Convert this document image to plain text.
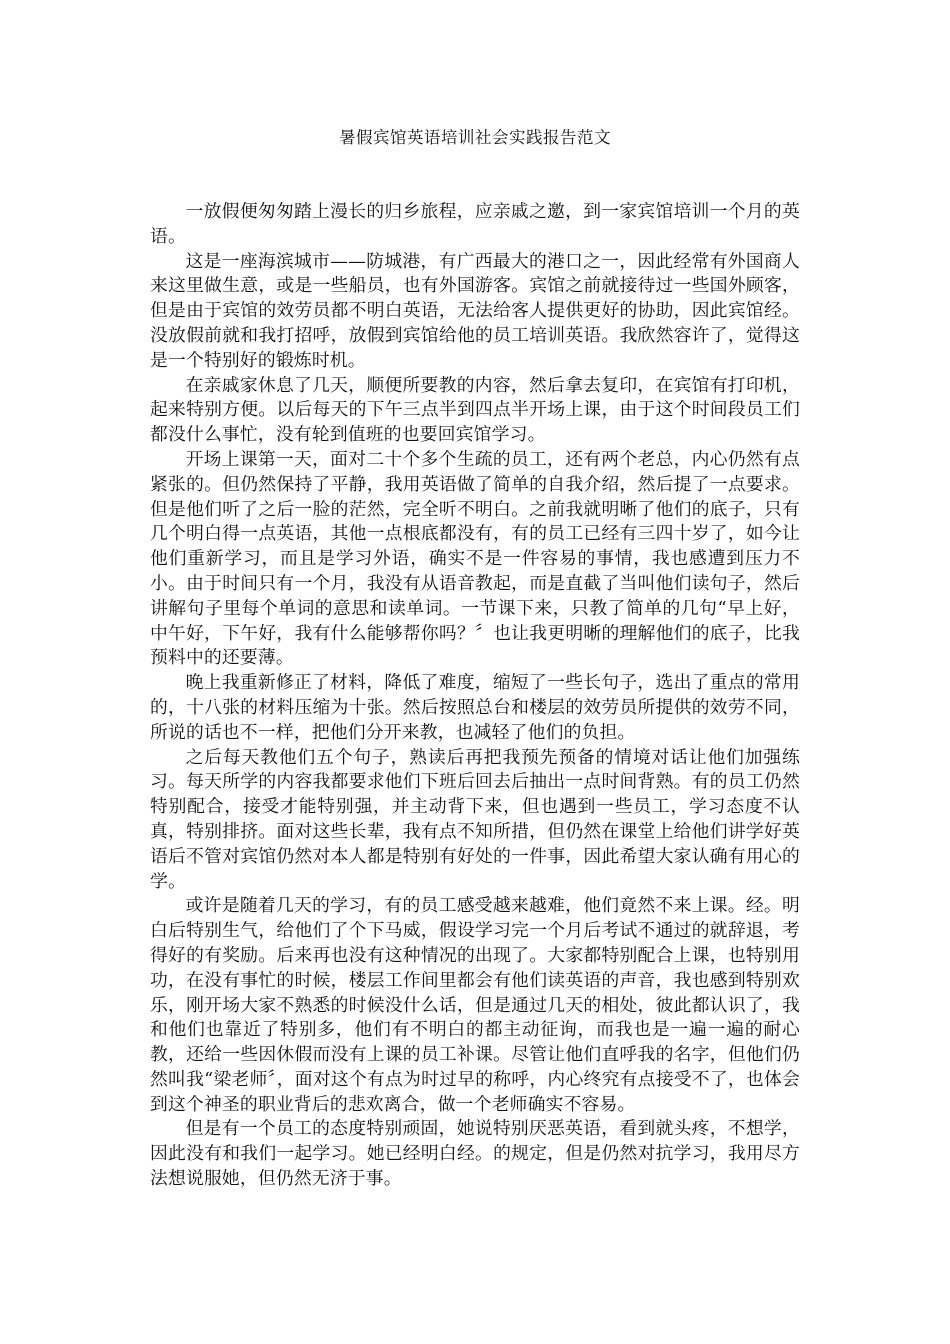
暑假宾馆英语培训社会实践报告范文

一放假便匆匆踏上漫长的归乡旅程，应亲戚之邀，到一家宾馆培训一个月的英语。

这是一座海滨城市——防城港，有广西最大的港口之一，因此经常有外国商人来这里做生意，或是一些船员，也有外国游客。宾馆之前就接待过一些国外顾客，但是由于宾馆的效劳员都不明白英语，无法给客人提供更好的协助，因此宾馆经。没放假前就和我打招呼，放假到宾馆给他的员工培训英语。我欣然容许了，觉得这是一个特别好的锻炼时机。

在亲戚家休息了几天，顺便所要教的内容，然后拿去复印，在宾馆有打印机，起来特别方便。以后每天的下午三点半到四点半开场上课，由于这个时间段员工们都没什么事忙，没有轮到值班的也要回宾馆学习。

开场上课第一天，面对二十个多个生疏的员工，还有两个老总，内心仍然有点紧张的。但仍然保持了平静，我用英语做了简单的自我介绍，然后提了一点要求。但是他们听了之后一脸的茫然，完全听不明白。之前我就明晰了他们的底子，只有几个明白得一点英语，其他一点根底都没有，有的员工已经有三四十岁了，如今让他们重新学习，而且是学习外语，确实不是一件容易的事情，我也感遭到压力不小。由于时间只有一个月，我没有从语音教起，而是直截了当叫他们读句子，然后讲解句子里每个单词的意思和读单词。一节课下来，只教了简单的几句“早上好，中午好，下午好，我有什么能够帮你吗？〞也让我更明晰的理解他们的底子，比我预料中的还要薄。

晚上我重新修正了材料，降低了难度，缩短了一些长句子，选出了重点的常用的，十八张的材料压缩为十张。然后按照总台和楼层的效劳员所提供的效劳不同，所说的话也不一样，把他们分开来教，也减轻了他们的负担。

之后每天教他们五个句子，熟读后再把我预先预备的情境对话让他们加强练习。每天所学的内容我都要求他们下班后回去后抽出一点时间背熟。有的员工仍然特别配合，接受才能特别强，并主动背下来，但也遇到一些员工，学习态度不认真，特别排挤。面对这些长辈，我有点不知所措，但仍然在课堂上给他们讲学好英语后不管对宾馆仍然对本人都是特别有好处的一件事，因此希望大家认确有用心的学。

或许是随着几天的学习，有的员工感受越来越难，他们竟然不来上课。经。明白后特别生气，给他们了个下马威，假设学习完一个月后考试不通过的就辞退，考得好的有奖励。后来再也没有这种情况的出现了。大家都特别配合上课，也特别用功，在没有事忙的时候，楼层工作间里都会有他们读英语的声音，我也感到特别欢乐，刚开场大家不熟悉的时候没什么话，但是通过几天的相处，彼此都认识了，我和他们也靠近了特别多，他们有不明白的都主动征询，而我也是一遍一遍的耐心教，还给一些因休假而没有上课的员工补课。尽管让他们直呼我的名字，但他们仍然叫我“梁老师〞，面对这个有点为时过早的称呼，内心终究有点接受不了，也体会到这个神圣的职业背后的悲欢离合，做一个老师确实不容易。

但是有一个员工的态度特别顽固，她说特别厌恶英语，看到就头疼，不想学，因此没有和我们一起学习。她已经明白经。的规定，但是仍然对抗学习，我用尽方法想说服她，但仍然无济于事。
